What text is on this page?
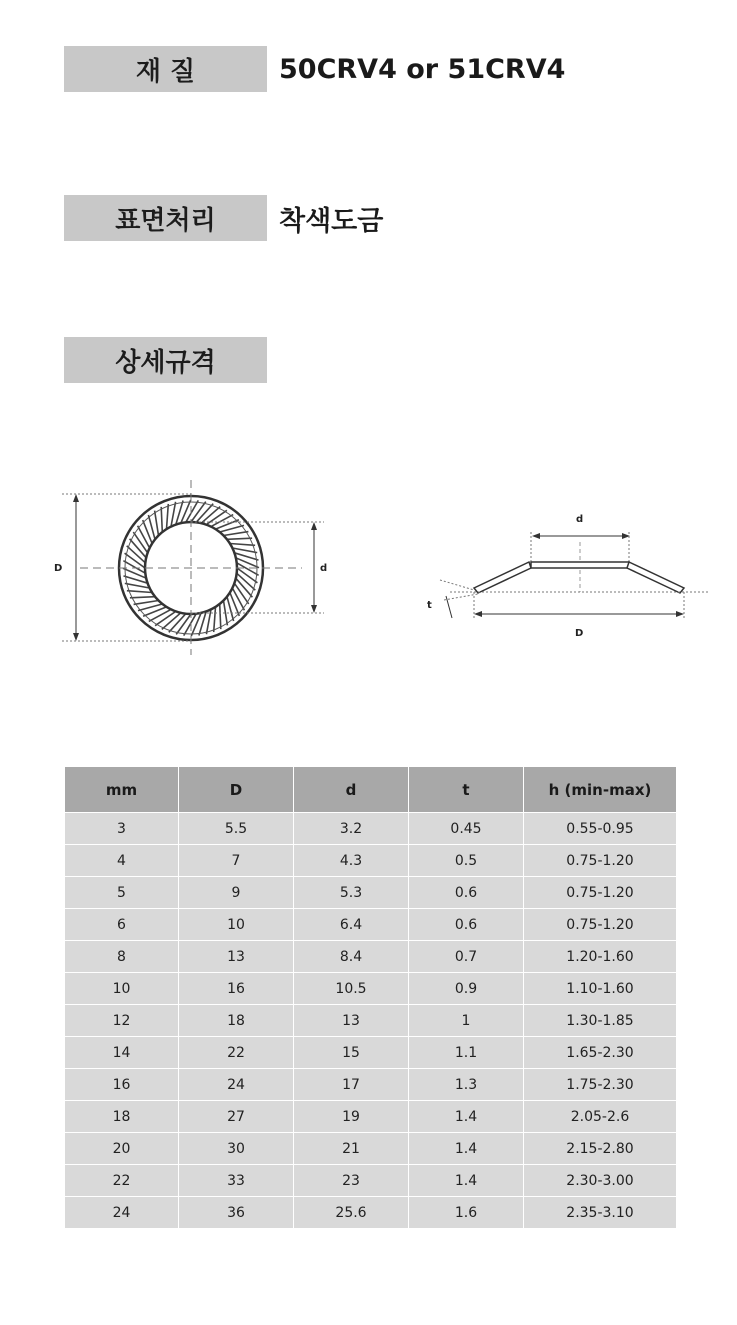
재 질	50CRV4 or 51CRV4
표면처리	착색도금
상세규격
D	d
d
t
D
mm	D	d	t	h (min-max)
3	5.5	3.2	0.45	0.55-0.95
4	7	4.3	0.5	0.75-1.20
5	9	5.3	0.6	0.75-1.20
6	10	6.4	0.6	0.75-1.20
8	13	8.4	0.7	1.20-1.60
10	16	10.5	0.9	1.10-1.60
12	18	13	1	1.30-1.85
14	22	15	1.1	1.65-2.30
16	24	17	1.3	1.75-2.30
18	27	19	1.4	2.05-2.6
20	30	21	1.4	2.15-2.80
22	33	23	1.4	2.30-3.00
24	36	25.6	1.6	2.35-3.10
